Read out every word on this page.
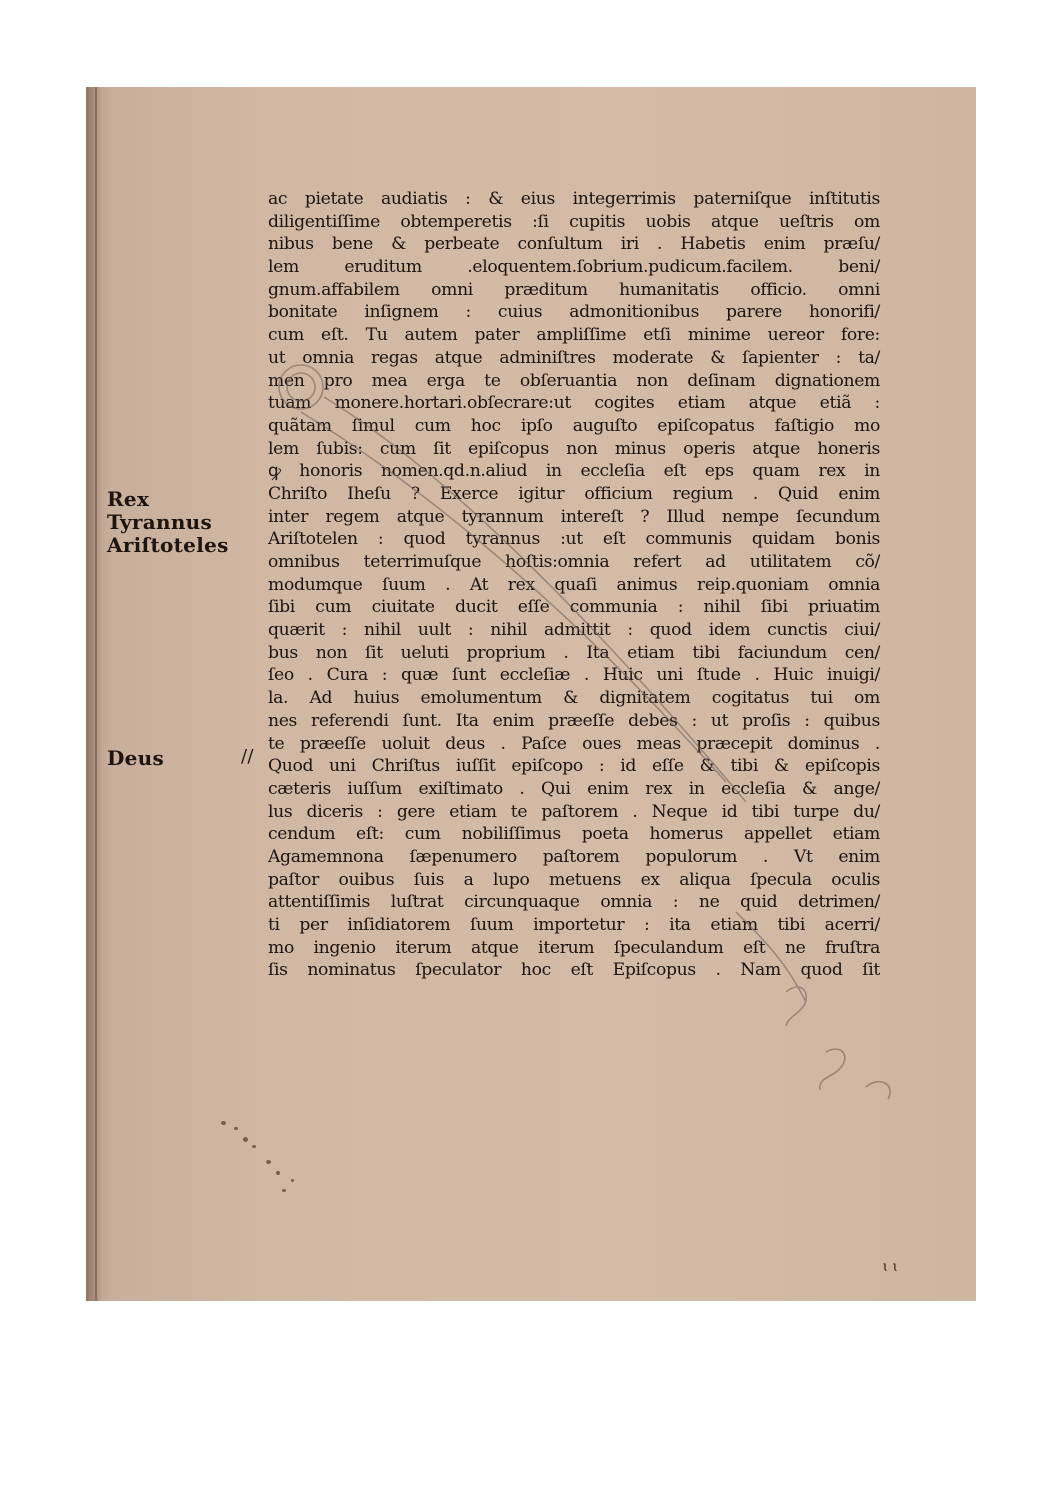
Rex
Tyrannus
Ariſtoteles
Deus	//
ac pietate audiatis : & eius integerrimis paterniſque inſtitutis
diligentiſſime obtemperetis :ſi cupitis uobis atque ueſtris om
nibus bene & perbeate conſultum iri . Habetis enim præſu/
lem eruditum .eloquentem.ſobrium.pudicum.facilem. beni/
gnum.affabilem omni præditum humanitatis officio. omni
bonitate inſignem : cuius admonitionibus parere honorifi/
cum eſt. Tu autem pater ampliſſime etſi minime uereor fore:
ut omnia regas atque adminiſtres moderate & ſapienter : ta/
men pro mea erga te obſeruantia non deſinam dignationem
tuam monere.hortari.obſecrare:ut cogites etiam atque etiã :
quãtam ſimul cum hoc ipſo auguſto epiſcopatus faſtigio mo
lem ſubis: cum ſit epiſcopus non minus operis atque honeris
ꝙ honoris nomen.qd.n.aliud in eccleſia eſt eps quam rex in
Chriſto Iheſu ? Exerce igitur officium regium . Quid enim
inter regem atque tyrannum intereſt ? Illud nempe ſecundum
Ariſtotelen : quod tyrannus :ut eſt communis quidam bonis
omnibus teterrimuſque hoſtis:omnia refert ad utilitatem cõ/
modumque ſuum . At rex quaſi animus reip.quoniam omnia
ſibi cum ciuitate ducit eſſe communia : nihil ſibi priuatim
quærit : nihil uult : nihil admittit : quod idem cunctis ciui/
bus non ſit ueluti proprium . Ita etiam tibi faciundum cen/
ſeo . Cura : quæ ſunt eccleſiæ . Huic uni ſtude . Huic inuigi/
la. Ad huius emolumentum & dignitatem cogitatus tui om
nes referendi ſunt. Ita enim præeſſe debes : ut proſis : quibus
te præeſſe uoluit deus . Paſce oues meas præcepit dominus .
Quod uni Chriſtus iuſſit epiſcopo : id eſſe & tibi & epiſcopis
cæteris iuſſum exiſtimato . Qui enim rex in eccleſia & ange/
lus diceris : gere etiam te paſtorem . Neque id tibi turpe du/
cendum eſt: cum nobiliſſimus poeta homerus appellet etiam
Agamemnona ſæpenumero paſtorem populorum . Vt enim
paſtor ouibus ſuis a lupo metuens ex aliqua ſpecula oculis
attentiſſimis luſtrat circunquaque omnia : ne quid detrimen/
ti per inſidiatorem ſuum importetur : ita etiam tibi acerri/
mo ingenio iterum atque iterum ſpeculandum eſt ne fruſtra
ſis nominatus ſpeculator hoc eſt Epiſcopus . Nam quod ſit
ɩ ɩ
